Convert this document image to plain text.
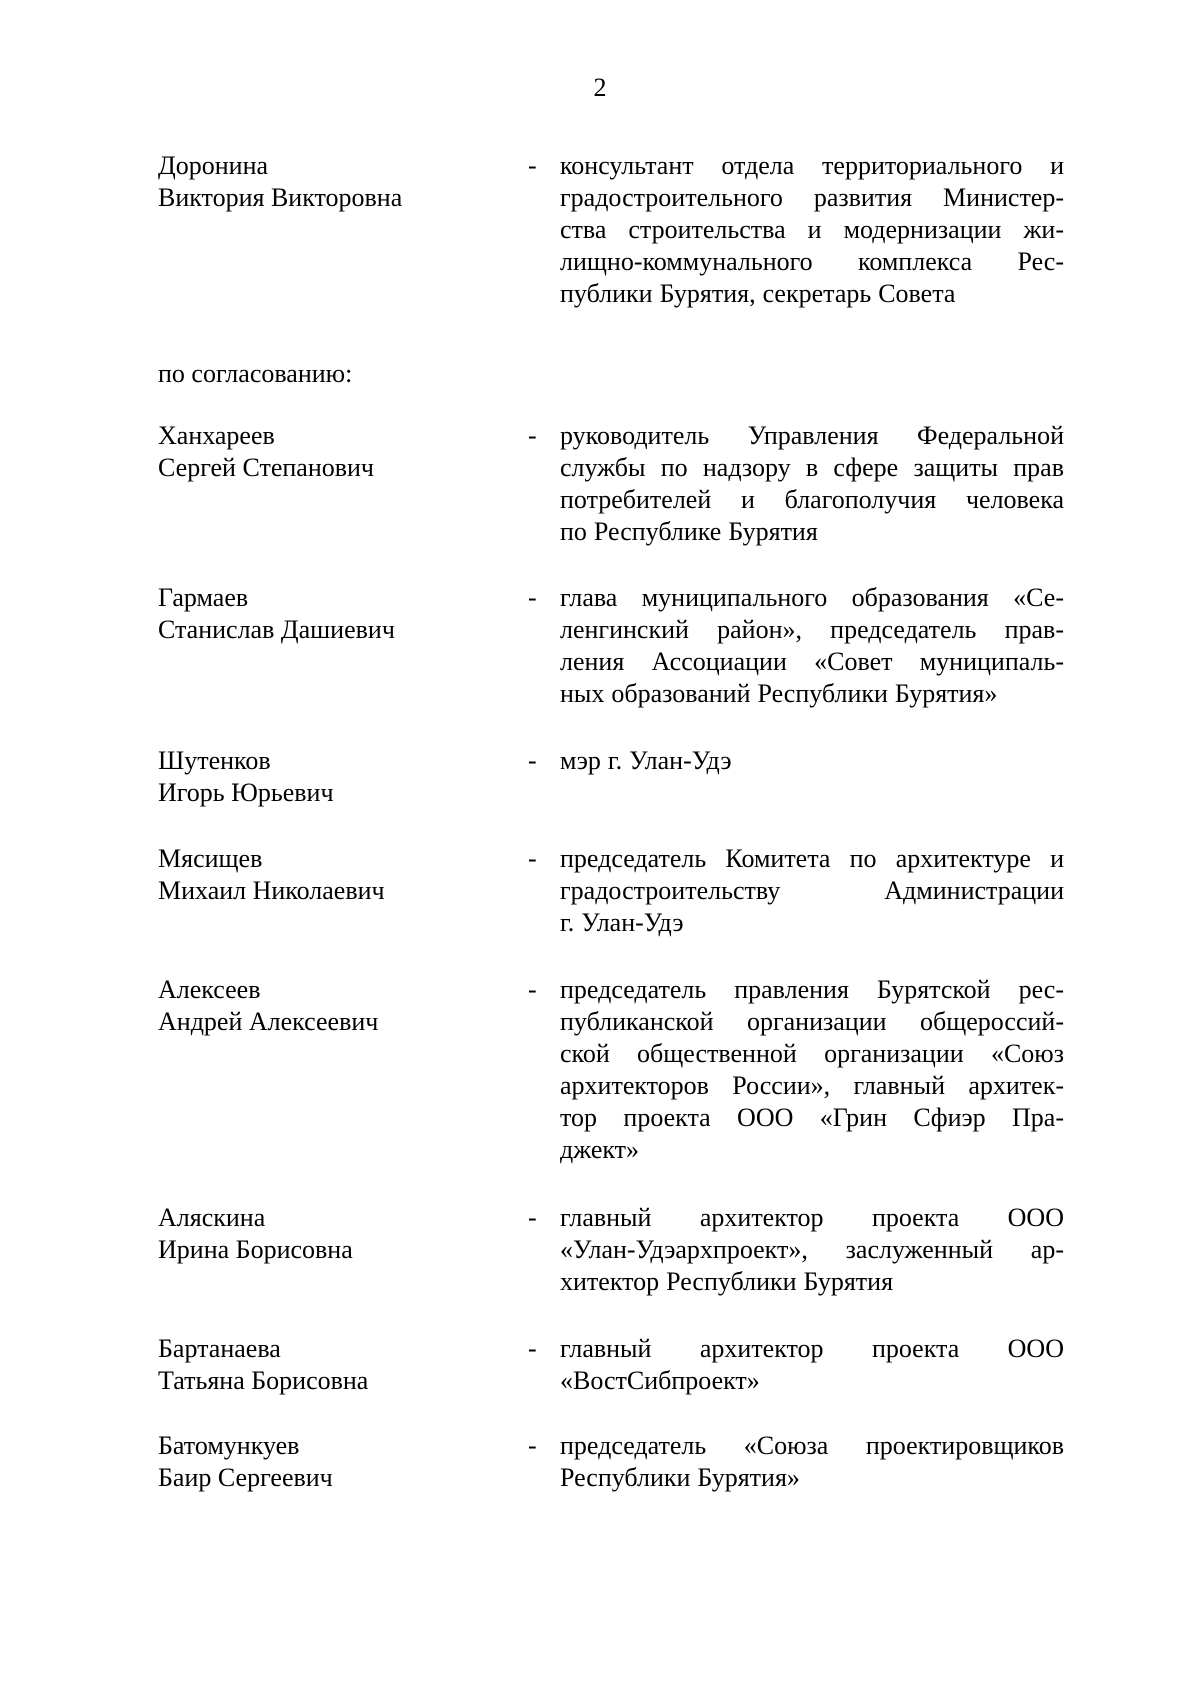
2
Доронина
Виктория Викторовна
- консультант отдела территориального и
градостроительного развития Министер-
ства строительства и модернизации жи-
лищно-коммунального комплекса Рес-
публики Бурятия, секретарь Совета
по согласованию:
Ханхареев
Сергей Степанович
- руководитель Управления Федеральной
службы по надзору в сфере защиты прав
потребителей и благополучия человека
по Республике Бурятия
Гармаев
Станислав Дашиевич
- глава муниципального образования «Се-
ленгинский район», председатель прав-
ления Ассоциации «Совет муниципаль-
ных образований Республики Бурятия»
Шутенков
Игорь Юрьевич
- мэр г. Улан-Удэ
Мясищев
Михаил Николаевич
- председатель Комитета по архитектуре и
градостроительству Администрации
г. Улан-Удэ
Алексеев
Андрей Алексеевич
- председатель правления Бурятской рес-
публиканской организации общероссий-
ской общественной организации «Союз
архитекторов России», главный архитек-
тор проекта ООО «Грин Сфиэр Пра-
джект»
Аляскина
Ирина Борисовна
- главный архитектор проекта ООО
«Улан-Удэархпроект», заслуженный ар-
хитектор Республики Бурятия
Бартанаева
Татьяна Борисовна
- главный архитектор проекта ООО
«ВостСибпроект»
Батомункуев
Баир Сергеевич
- председатель «Союза проектировщиков
Республики Бурятия»
